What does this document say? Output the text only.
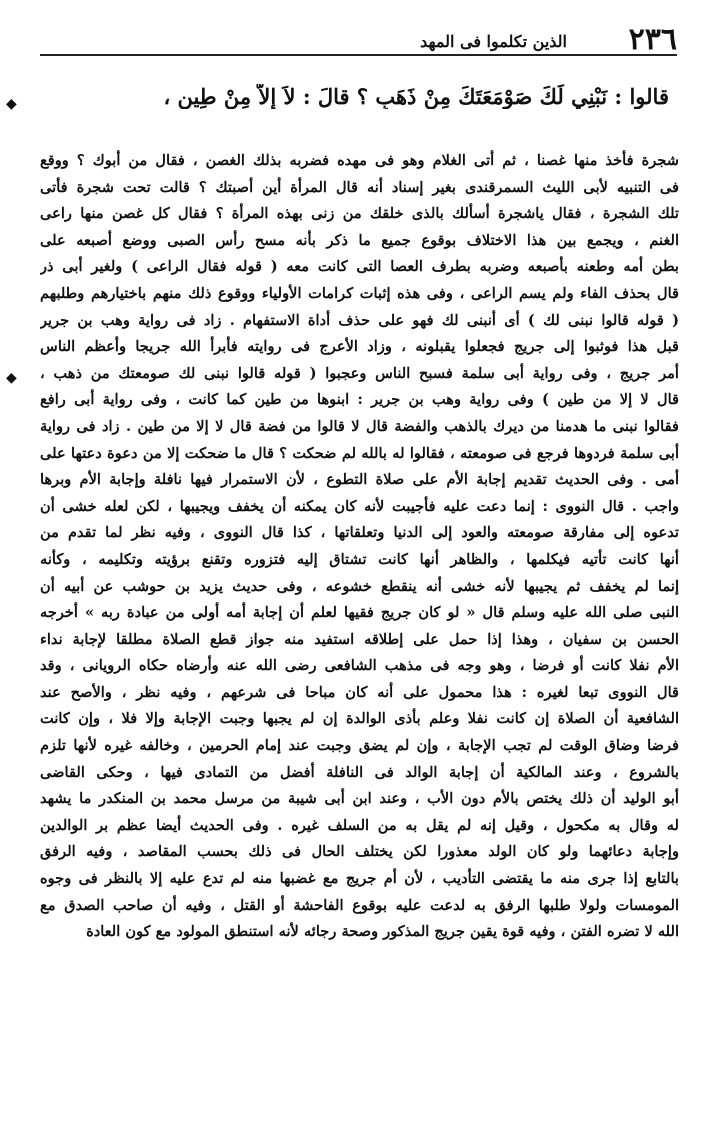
٢٣٦
الذين تكلموا فى المهد
◆
◆
قالوا : نَبْنِي لَكَ صَوْمَعَتَكَ مِنْ ذَهَبٍ ؟ قالَ : لاَ إِلاَّ مِنْ طِينٍ ،
شجرة فأخذ منها غصنا ، ثم أتى الغلام وهو فى مهده فضربه بذلك الغصن ، فقال من أبوك ؟ ووقع
فى التنبيه لأبى الليث السمرقندى بغير إسناد أنه قال المرأة أين أصبتك ؟ قالت تحت شجرة فأتى
تلك الشجرة ، فقال ياشجرة أسألك بالذى خلقك من زنى بهذه المرأة ؟ فقال كل غصن منها راعى
الغنم ، ويجمع بين هذا الاختلاف بوقوع جميع ما ذكر بأنه مسح رأس الصبى ووضع أصبعه على
بطن أمه وطعنه بأصبعه وضربه بطرف العصا التى كانت معه ( قوله فقال الراعى ) ولغير أبى ذر
قال بحذف الفاء ولم يسم الراعى ، وفى هذه إثبات كرامات الأولياء ووقوع ذلك منهم باختيارهم وطلبهم
( قوله قالوا نبنى لك ) أى أنبنى لك فهو على حذف أداة الاستفهام . زاد فى رواية وهب بن جرير
قبل هذا فوثبوا إلى جريج فجعلوا يقبلونه ، وزاد الأعرج فى روايته فأبرأ الله جريجا وأعظم الناس
أمر جريج ، وفى رواية أبى سلمة فسبح الناس وعجبوا ( قوله قالوا نبنى لك صومعتك من ذهب ،
قال لا إلا من طين ) وفى رواية وهب بن جرير : ابنوها من طين كما كانت ، وفى رواية أبى رافع
فقالوا نبنى ما هدمنا من ديرك بالذهب والفضة قال لا قالوا من فضة قال لا إلا من طين . زاد فى رواية
أبى سلمة فردوها فرجع فى صومعته ، فقالوا له بالله لم ضحكت ؟ قال ما ضحكت إلا من دعوة دعتها على
أمى . وفى الحديث تقديم إجابة الأم على صلاة التطوع ، لأن الاستمرار فيها نافلة وإجابة الأم وبرها
واجب . قال النووى : إنما دعت عليه فأجيبت لأنه كان يمكنه أن يخفف ويجيبها ، لكن لعله خشى أن
تدعوه إلى مفارقة صومعته والعود إلى الدنيا وتعلقاتها ، كذا قال النووى ، وفيه نظر لما تقدم من
أنها كانت تأتيه فيكلمها ، والظاهر أنها كانت تشتاق إليه فتزوره وتقنع برؤيته وتكليمه ، وكأنه
إنما لم يخفف ثم يجيبها لأنه خشى أنه ينقطع خشوعه ، وفى حديث يزيد بن حوشب عن أبيه أن
النبى صلى الله عليه وسلم قال « لو كان جريج فقيها لعلم أن إجابة أمه أولى من عبادة ربه » أخرجه
الحسن بن سفيان ، وهذا إذا حمل على إطلاقه استفيد منه جواز قطع الصلاة مطلقا لإجابة نداء
الأم نفلا كانت أو فرضا ، وهو وجه فى مذهب الشافعى رضى الله عنه وأرضاه حكاه الرويانى ، وقد
قال النووى تبعا لغيره : هذا محمول على أنه كان مباحا فى شرعهم ، وفيه نظر ، والأصح عند
الشافعية أن الصلاة إن كانت نفلا وعلم بأذى الوالدة إن لم يجبها وجبت الإجابة وإلا فلا ، وإن كانت
فرضا وضاق الوقت لم تجب الإجابة ، وإن لم يضق وجبت عند إمام الحرمين ، وخالفه غيره لأنها تلزم
بالشروع ، وعند المالكية أن إجابة الوالد فى النافلة أفضل من التمادى فيها ، وحكى القاضى
أبو الوليد أن ذلك يختص بالأم دون الأب ، وعند ابن أبى شيبة من مرسل محمد بن المنكدر ما يشهد
له وقال به مكحول ، وقيل إنه لم يقل به من السلف غيره . وفى الحديث أيضا عظم بر الوالدين
وإجابة دعائهما ولو كان الولد معذورا لكن يختلف الحال فى ذلك بحسب المقاصد ، وفيه الرفق
بالتابع إذا جرى منه ما يقتضى التأديب ، لأن أم جريج مع غضبها منه لم تدع عليه إلا بالنظر فى وجوه
المومسات ولولا طلبها الرفق به لدعت عليه بوقوع الفاحشة أو القتل ، وفيه أن صاحب الصدق مع
الله لا تضره الفتن ، وفيه قوة يقين جريج المذكور وصحة رجائه لأنه استنطق المولود مع كون العادة
